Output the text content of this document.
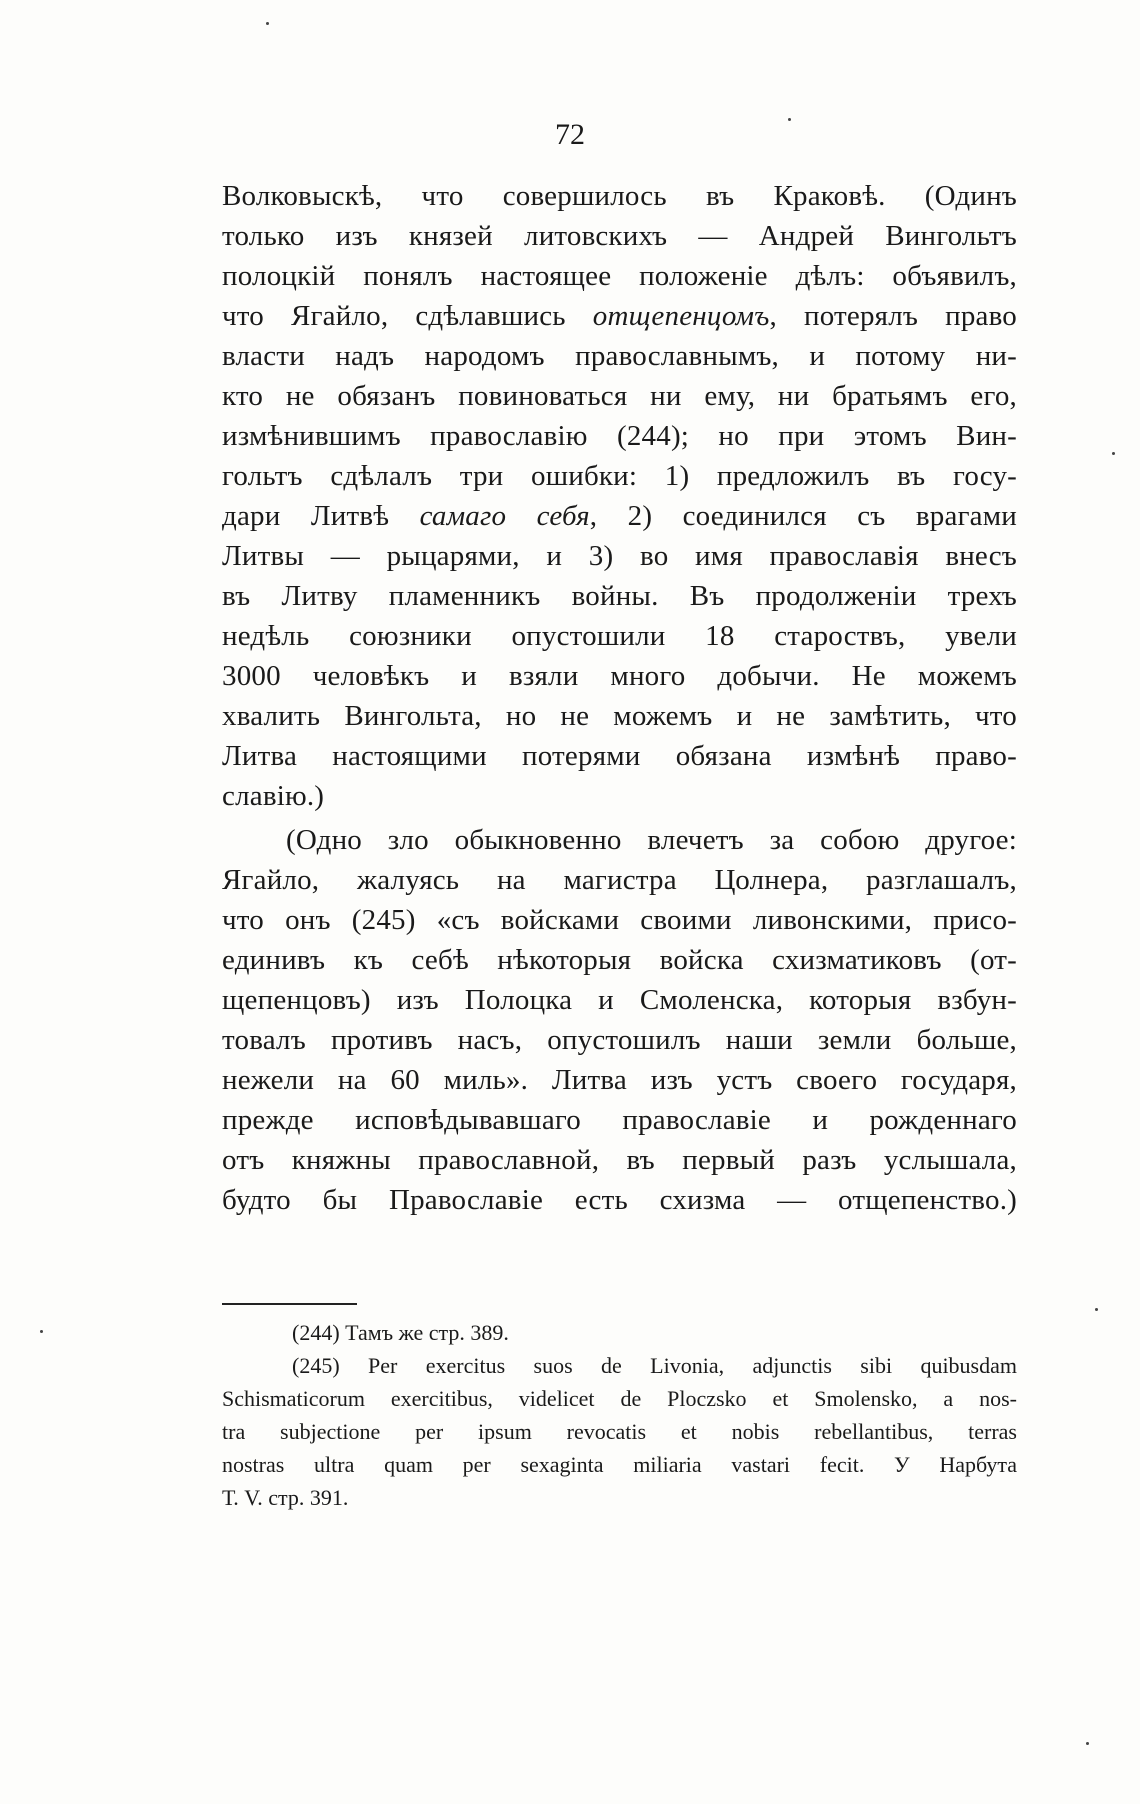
72
Волковыскѣ, что совершилось въ Краковѣ. (Одинъ
только изъ князей литовскихъ — Андрей Вингольтъ
полоцкій понялъ настоящее положеніе дѣлъ: объявилъ,
что Ягайло, сдѣлавшись отщепенцомъ, потерялъ право
власти надъ народомъ православнымъ, и потому ни-
кто не обязанъ повиноваться ни ему, ни братьямъ его,
измѣнившимъ православію (244); но при этомъ Вин-
гольтъ сдѣлалъ три ошибки: 1) предложилъ въ госу-
дари Литвѣ самаго себя, 2) соединился съ врагами
Литвы — рыцарями, и 3) во имя православія внесъ
въ Литву пламенникъ войны. Въ продолженіи трехъ
недѣль союзники опустошили 18 староствъ, увели
3000 человѣкъ и взяли много добычи. Не можемъ
хвалить Вингольта, но не можемъ и не замѣтить, что
Литва настоящими потерями обязана измѣнѣ право-
славію.)
(Одно зло обыкновенно влечетъ за собою другое:
Ягайло, жалуясь на магистра Цолнера, разглашалъ,
что онъ (245) «съ войсками своими ливонскими, присо-
единивъ къ себѣ нѣкоторыя войска схизматиковъ (от-
щепенцовъ) изъ Полоцка и Смоленска, которыя взбун-
товалъ противъ насъ, опустошилъ наши земли больше,
нежели на 60 миль». Литва изъ устъ своего государя,
прежде исповѣдывавшаго православіе и рожденнаго
отъ княжны православной, въ первый разъ услышала,
будто бы Православіе есть схизма — отщепенство.)
(244) Тамъ же стр. 389.
(245) Per exercitus suos de Livonia, adjunctis sibi quibusdam
Schismaticorum exercitibus, videlicet de Ploczsko et Smolensko, a nos-
tra subjectione per ipsum revocatis et nobis rebellantibus, terras
nostras ultra quam per sexaginta miliaria vastari fecit. У Нарбута
Т. V. стр. 391.
